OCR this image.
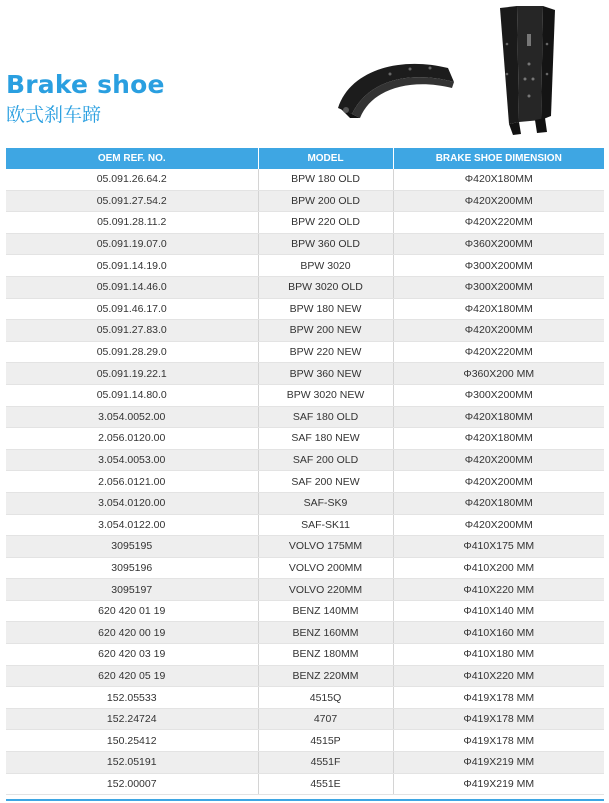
Brake shoe
欧式刹车蹄
OEM REF. NO.	MODEL	BRAKE SHOE DIMENSION
05.091.26.64.2	BPW 180 OLD	Φ420X180MM
05.091.27.54.2	BPW 200 OLD	Φ420X200MM
05.091.28.11.2	BPW 220 OLD	Φ420X220MM
05.091.19.07.0	BPW 360 OLD	Φ360X200MM
05.091.14.19.0	BPW 3020	Φ300X200MM
05.091.14.46.0	BPW 3020 OLD	Φ300X200MM
05.091.46.17.0	BPW 180 NEW	Φ420X180MM
05.091.27.83.0	BPW 200 NEW	Φ420X200MM
05.091.28.29.0	BPW 220 NEW	Φ420X220MM
05.091.19.22.1	BPW 360 NEW	Φ360X200 MM
05.091.14.80.0	BPW 3020 NEW	Φ300X200MM
3.054.0052.00	SAF 180 OLD	Φ420X180MM
2.056.0120.00	SAF 180 NEW	Φ420X180MM
3.054.0053.00	SAF 200 OLD	Φ420X200MM
2.056.0121.00	SAF 200 NEW	Φ420X200MM
3.054.0120.00	SAF-SK9	Φ420X180MM
3.054.0122.00	SAF-SK11	Φ420X200MM
3095195	VOLVO 175MM	Φ410X175 MM
3095196	VOLVO 200MM	Φ410X200 MM
3095197	VOLVO 220MM	Φ410X220 MM
620 420 01 19	BENZ 140MM	Φ410X140 MM
620 420 00 19	BENZ 160MM	Φ410X160 MM
620 420 03 19	BENZ 180MM	Φ410X180 MM
620 420 05 19	BENZ 220MM	Φ410X220 MM
152.05533	4515Q	Φ419X178 MM
152.24724	4707	Φ419X178 MM
150.25412	4515P	Φ419X178 MM
152.05191	4551F	Φ419X219 MM
152.00007	4551E	Φ419X219 MM
